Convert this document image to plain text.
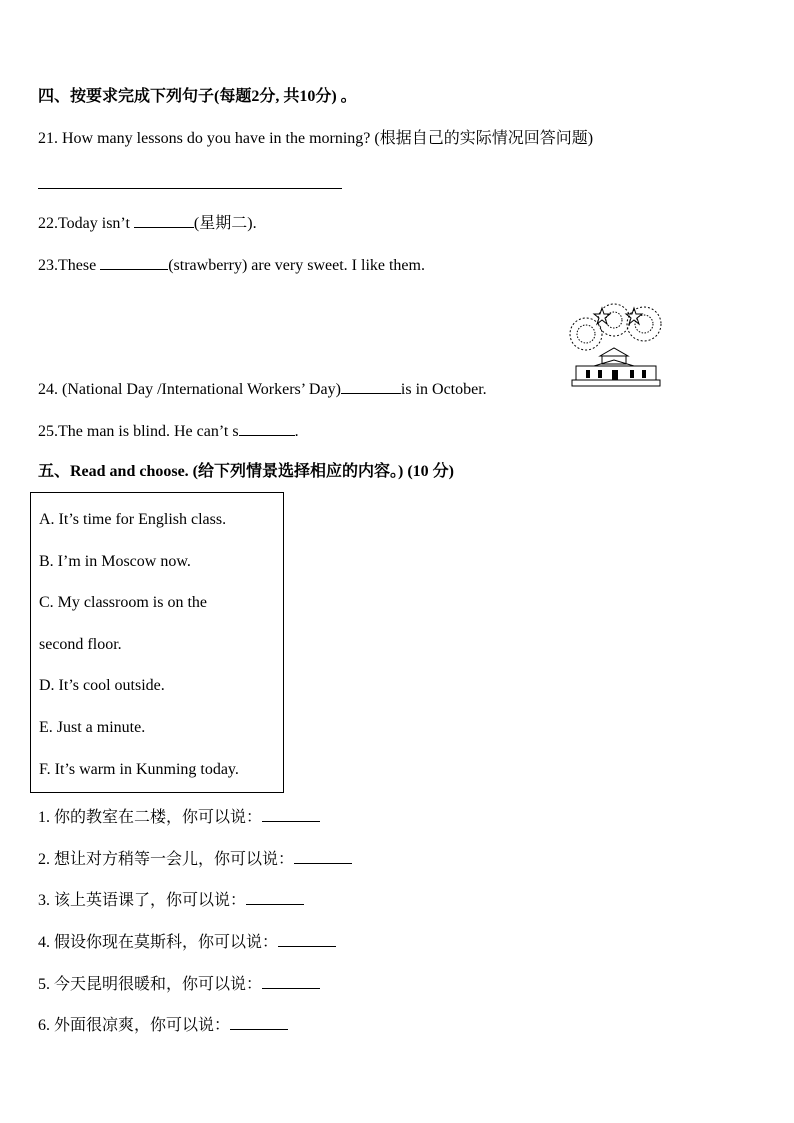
四、按要求完成下列句子(每题2分, 共10分) 。
21. How many lessons do you have in the morning? (根据自己的实际情况回答问题)
22.Today isn’t	(星期二).
23.These	(strawberry) are very sweet. I like them.
24. (National Day /International Workers’ Day)	is in October.
25.The man is blind. He can’t s	.
五、Read and choose. (给下列情景选择相应的内容。) (10 分)
A. It’s time for English class.
B. I’m in Moscow now.
C. My classroom is on the
second floor.
D. It’s cool outside.
E. Just a minute.
F. It’s warm in Kunming today.
1. 你的教室在二楼，你可以说：
2. 想让对方稍等一会儿，你可以说：
3. 该上英语课了，你可以说：
4. 假设你现在莫斯科，你可以说：
5. 今天昆明很暖和，你可以说：
6. 外面很凉爽，你可以说：
